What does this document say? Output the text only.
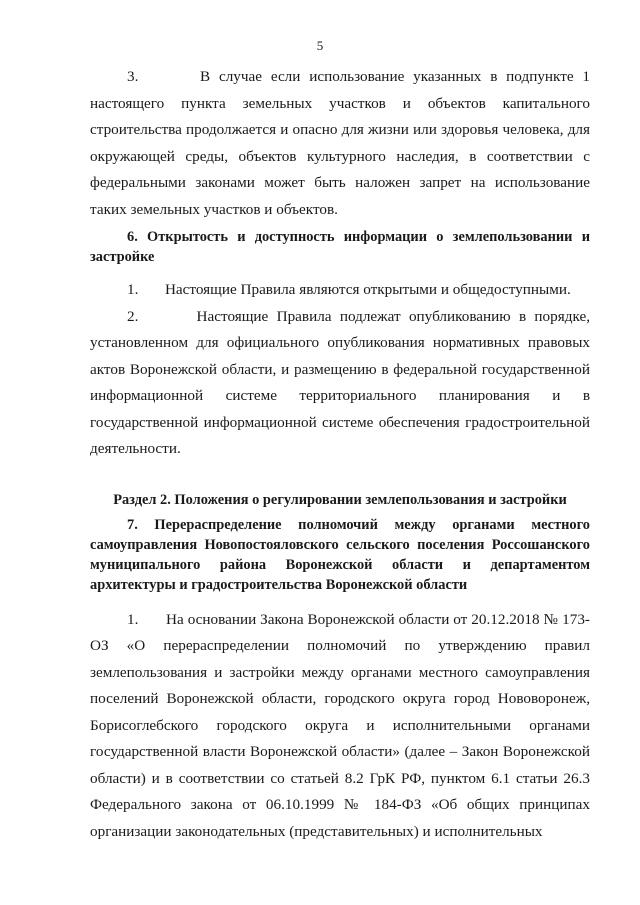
5

3.       В случае если использование указанных в подпункте 1 настоящего пункта земельных участков и объектов капитального строительства продолжается и опасно для жизни или здоровья человека, для окружающей среды, объектов культурного наследия, в соответствии с федеральными законами может быть наложен запрет на использование таких земельных участков и объектов.

6. Открытость и доступность информации о землепользовании и застройке

1.       Настоящие Правила являются открытыми и общедоступными.

2.       Настоящие Правила подлежат опубликованию в порядке, установленном для официального опубликования нормативных правовых актов Воронежской области, и размещению в федеральной государственной информационной системе территориального планирования и в государственной информационной системе обеспечения градостроительной деятельности.

Раздел 2. Положения о регулировании землепользования и застройки

7. Перераспределение полномочий между органами местного самоуправления Новопостояловского сельского поселения Россошанского муниципального района Воронежской области и департаментом архитектуры и градостроительства Воронежской области

1.       На основании Закона Воронежской области от 20.12.2018 № 173-ОЗ «О перераспределении полномочий по утверждению правил землепользования и застройки между органами местного самоуправления поселений Воронежской области, городского округа город Нововоронеж, Борисоглебского городского округа и исполнительными органами государственной власти Воронежской области» (далее – Закон Воронежской области) и в соответствии со статьей 8.2 ГрК РФ, пунктом 6.1 статьи 26.3 Федерального закона от 06.10.1999 № 184-ФЗ «Об общих принципах организации законодательных (представительных) и исполнительных
